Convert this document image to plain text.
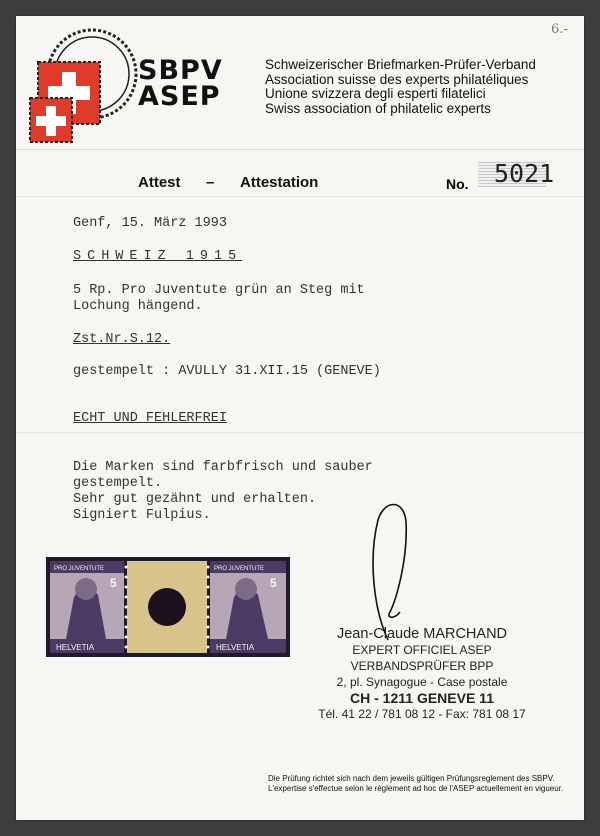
6.-
SBPV
ASEP
Schweizerischer Briefmarken-Prüfer-Verband
Association suisse des experts philatéliques
Unione svizzera degli esperti filatelici
Swiss association of philatelic experts
Attest – Attestation	No. 5021
Genf, 15. März 1993
SCHWEIZ 1915
5 Rp. Pro Juventute grün an Steg mit
Lochung hängend.
Zst.Nr.S.12.
gestempelt : AVULLY 31.XII.15 (GENEVE)
ECHT UND FEHLERFREI
Die Marken sind farbfrisch und sauber
gestempelt.
Sehr gut gezähnt und erhalten.
Signiert Fulpius.
PRO JUVENTUTE
5
HELVETIA
PRO JUVENTUTE
5
HELVETIA
Jean-Claude MARCHAND
EXPERT OFFICIEL ASEP
VERBANDSPRÜFER BPP
2, pl. Synagogue - Case postale
CH - 1211 GENEVE 11
Tél. 41 22 / 781 08 12 - Fax: 781 08 17
Die Prüfung richtet sich nach dem jeweils gültigen Prüfungsreglement des SBPV.
L'expertise s'effectue selon le règlement ad hoc de l'ASEP actuellement en vigueur.
